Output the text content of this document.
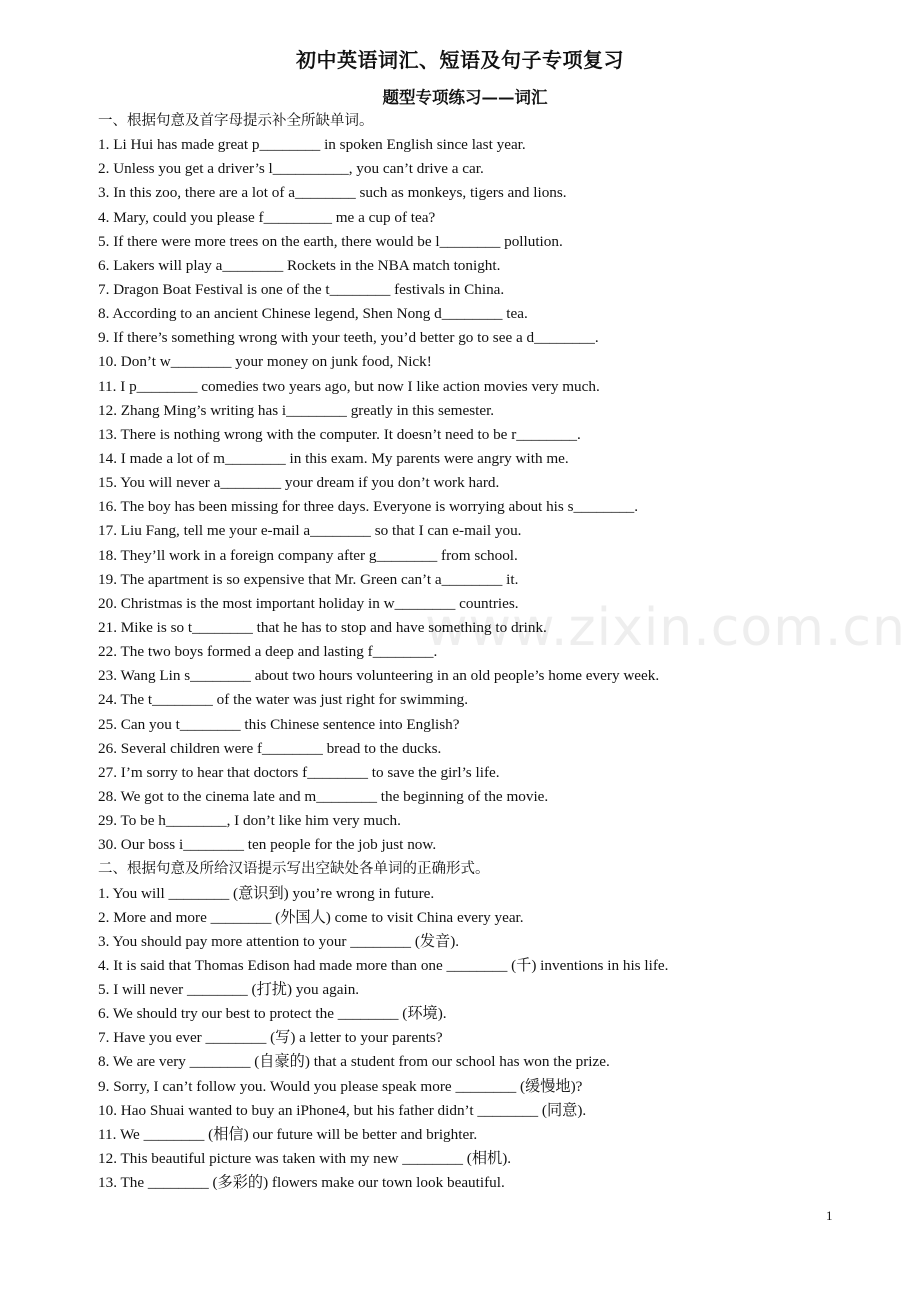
www.zixin.com.cn
初中英语词汇、短语及句子专项复习
题型专项练习——词汇
一、根据句意及首字母提示补全所缺单词。
1. Li Hui has made great p________ in spoken English since last year.
2. Unless you get a driver’s l__________, you can’t drive a car.
3. In this zoo, there are a lot of a________ such as monkeys, tigers and lions.
4. Mary, could you please f_________ me a cup of tea?
5. If there were more trees on the earth, there would be l________ pollution.
6. Lakers will play a________ Rockets in the NBA match tonight.
7. Dragon Boat Festival is one of the t________ festivals in China.
8. According to an ancient Chinese legend, Shen Nong d________ tea.
9. If there’s something wrong with your teeth, you’d better go to see a d________.
10. Don’t w________ your money on junk food, Nick!
11. I p________ comedies two years ago, but now I like action movies very much.
12. Zhang Ming’s writing has i________ greatly in this semester.
13. There is nothing wrong with the computer. It doesn’t need to be r________.
14. I made a lot of m________ in this exam. My parents were angry with me.
15. You will never a________ your dream if you don’t work hard.
16. The boy has been missing for three days. Everyone is worrying about his s________.
17. Liu Fang, tell me your e-mail a________ so that I can e-mail you.
18. They’ll work in a foreign company after g________ from school.
19. The apartment is so expensive that Mr. Green can’t a________ it.
20. Christmas is the most important holiday in w________ countries.
21. Mike is so t________ that he has to stop and have something to drink.
22. The two boys formed a deep and lasting f________.
23. Wang Lin s________ about two hours volunteering in an old people’s home every week.
24. The t________ of the water was just right for swimming.
25. Can you t________ this Chinese sentence into English?
26. Several children were f________ bread to the ducks.
27. I’m sorry to hear that doctors f________ to save the girl’s life.
28. We got to the cinema late and m________ the beginning of the movie.
29. To be h________, I don’t like him very much.
30. Our boss i________ ten people for the job just now.
二、根据句意及所给汉语提示写出空缺处各单词的正确形式。
1. You will ________ (意识到) you’re wrong in future.
2. More and more ________ (外国人) come to visit China every year.
3. You should pay more attention to your ________ (发音).
4. It is said that Thomas Edison had made more than one ________ (千) inventions in his life.
5. I will never ________ (打扰) you again.
6. We should try our best to protect the ________ (环境).
7. Have you ever ________ (写) a letter to your parents?
8. We are very ________ (自豪的) that a student from our school has won the prize.
9. Sorry, I can’t follow you. Would you please speak more ________ (缓慢地)?
10. Hao Shuai wanted to buy an iPhone4, but his father didn’t ________ (同意).
11. We ________ (相信) our future will be better and brighter.
12. This beautiful picture was taken with my new ________ (相机).
13. The ________ (多彩的) flowers make our town look beautiful.
1
